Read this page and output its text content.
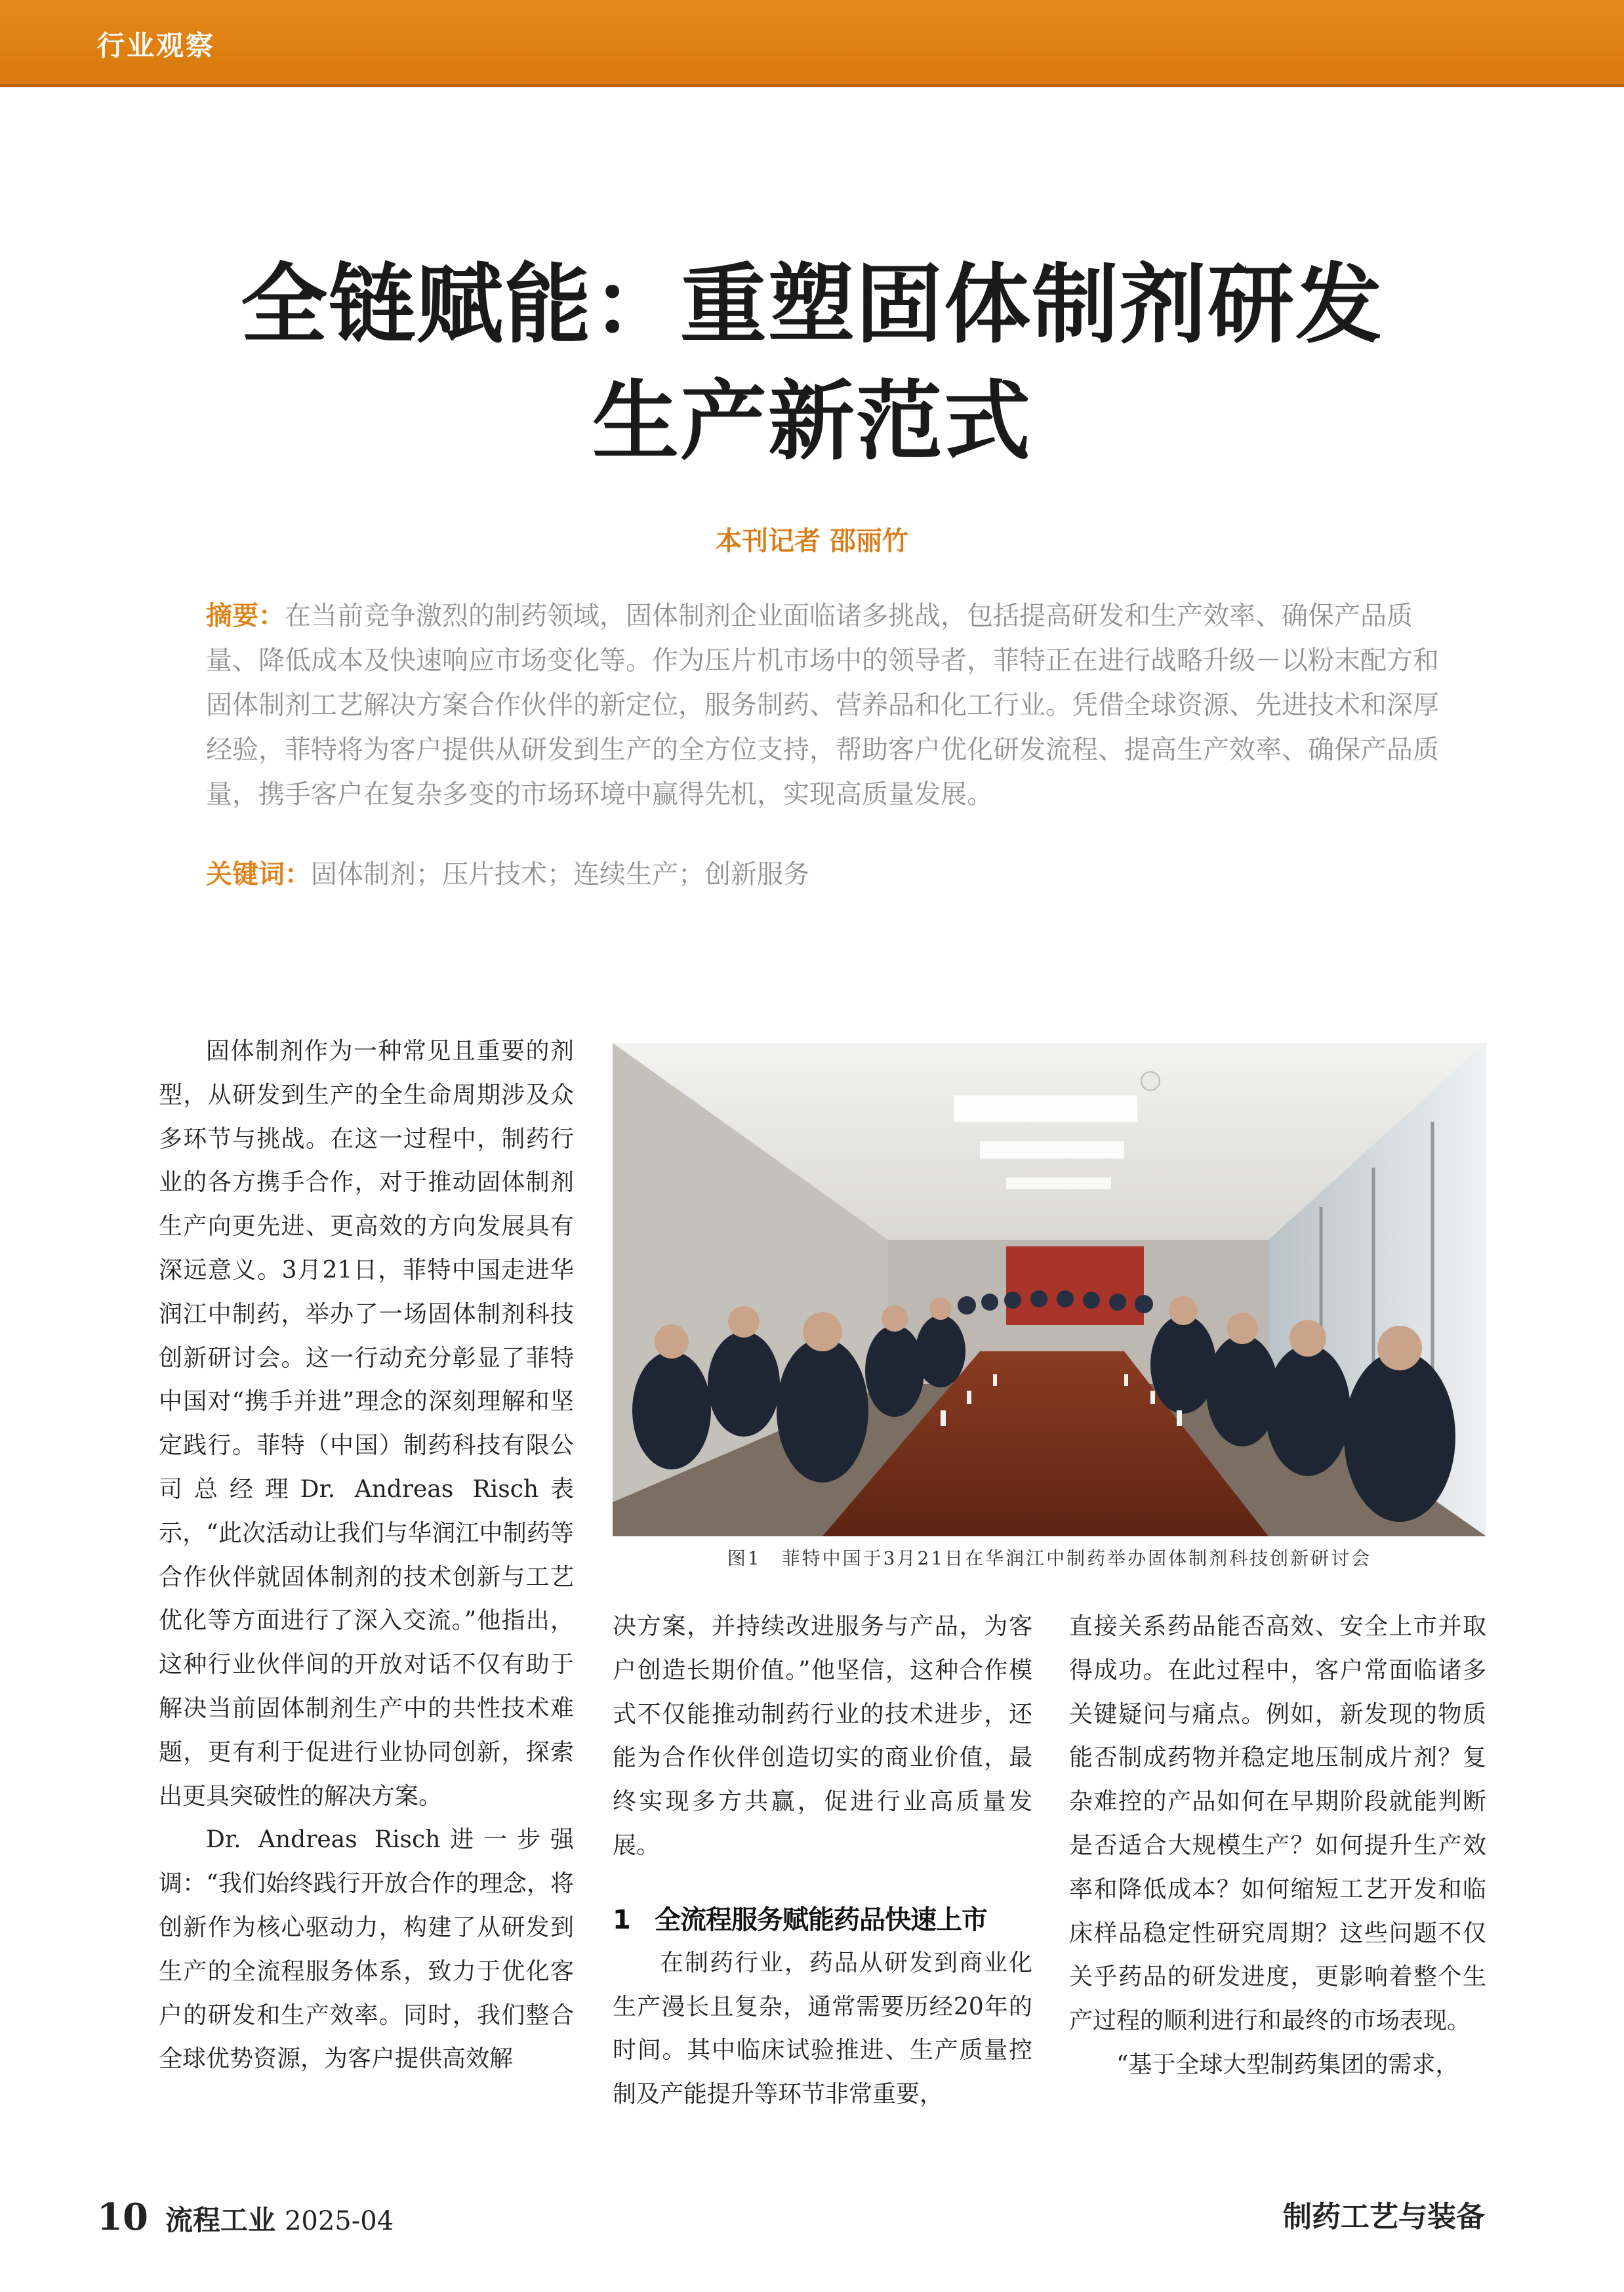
行业观察
全链赋能：重塑固体制剂研发
生产新范式
本刊记者 邵丽竹

摘要：在当前竞争激烈的制药领域，固体制剂企业面临诸多挑战，包括提高研发和生产效率、确保产品质量、降低成本及快速响应市场变化等。作为压片机市场中的领导者，菲特正在进行战略升级－以粉末配方和固体制剂工艺解决方案合作伙伴的新定位，服务制药、营养品和化工行业。凭借全球资源、先进技术和深厚经验，菲特将为客户提供从研发到生产的全方位支持，帮助客户优化研发流程、提高生产效率、确保产品质量，携手客户在复杂多变的市场环境中赢得先机，实现高质量发展。

关键词：固体制剂；压片技术；连续生产；创新服务

固体制剂作为一种常见且重要的剂型，从研发到生产的全生命周期涉及众多环节与挑战。在这一过程中，制药行业的各方携手合作，对于推动固体制剂生产向更先进、更高效的方向发展具有深远意义。3月21日，菲特中国走进华润江中制药，举办了一场固体制剂科技创新研讨会。这一行动充分彰显了菲特中国对“携手并进”理念的深刻理解和坚定践行。菲特（中国）制药科技有限公司总经理Dr. Andreas Risch表示，“此次活动让我们与华润江中制药等合作伙伴就固体制剂的技术创新与工艺优化等方面进行了深入交流。”他指出，这种行业伙伴间的开放对话不仅有助于解决当前固体制剂生产中的共性技术难题，更有利于促进行业协同创新，探索出更具突破性的解决方案。

Dr. Andreas Risch进一步强调：“我们始终践行开放合作的理念，将创新作为核心驱动力，构建了从研发到生产的全流程服务体系，致力于优化客户的研发和生产效率。同时，我们整合全球优势资源，为客户提供高效解

图1　菲特中国于3月21日在华润江中制药举办固体制剂科技创新研讨会

决方案，并持续改进服务与产品，为客户创造长期价值。”他坚信，这种合作模式不仅能推动制药行业的技术进步，还能为合作伙伴创造切实的商业价值，最终实现多方共赢，促进行业高质量发展。

1 全流程服务赋能药品快速上市

在制药行业，药品从研发到商业化生产漫长且复杂，通常需要历经20年的时间。其中临床试验推进、生产质量控制及产能提升等环节非常重要，

直接关系药品能否高效、安全上市并取得成功。在此过程中，客户常面临诸多关键疑问与痛点。例如，新发现的物质能否制成药物并稳定地压制成片剂？复杂难控的产品如何在早期阶段就能判断是否适合大规模生产？如何提升生产效率和降低成本？如何缩短工艺开发和临床样品稳定性研究周期？这些问题不仅关乎药品的研发进度，更影响着整个生产过程的顺利进行和最终的市场表现。

“基于全球大型制药集团的需求，

10 流程工业 2025-04	制药工艺与装备
